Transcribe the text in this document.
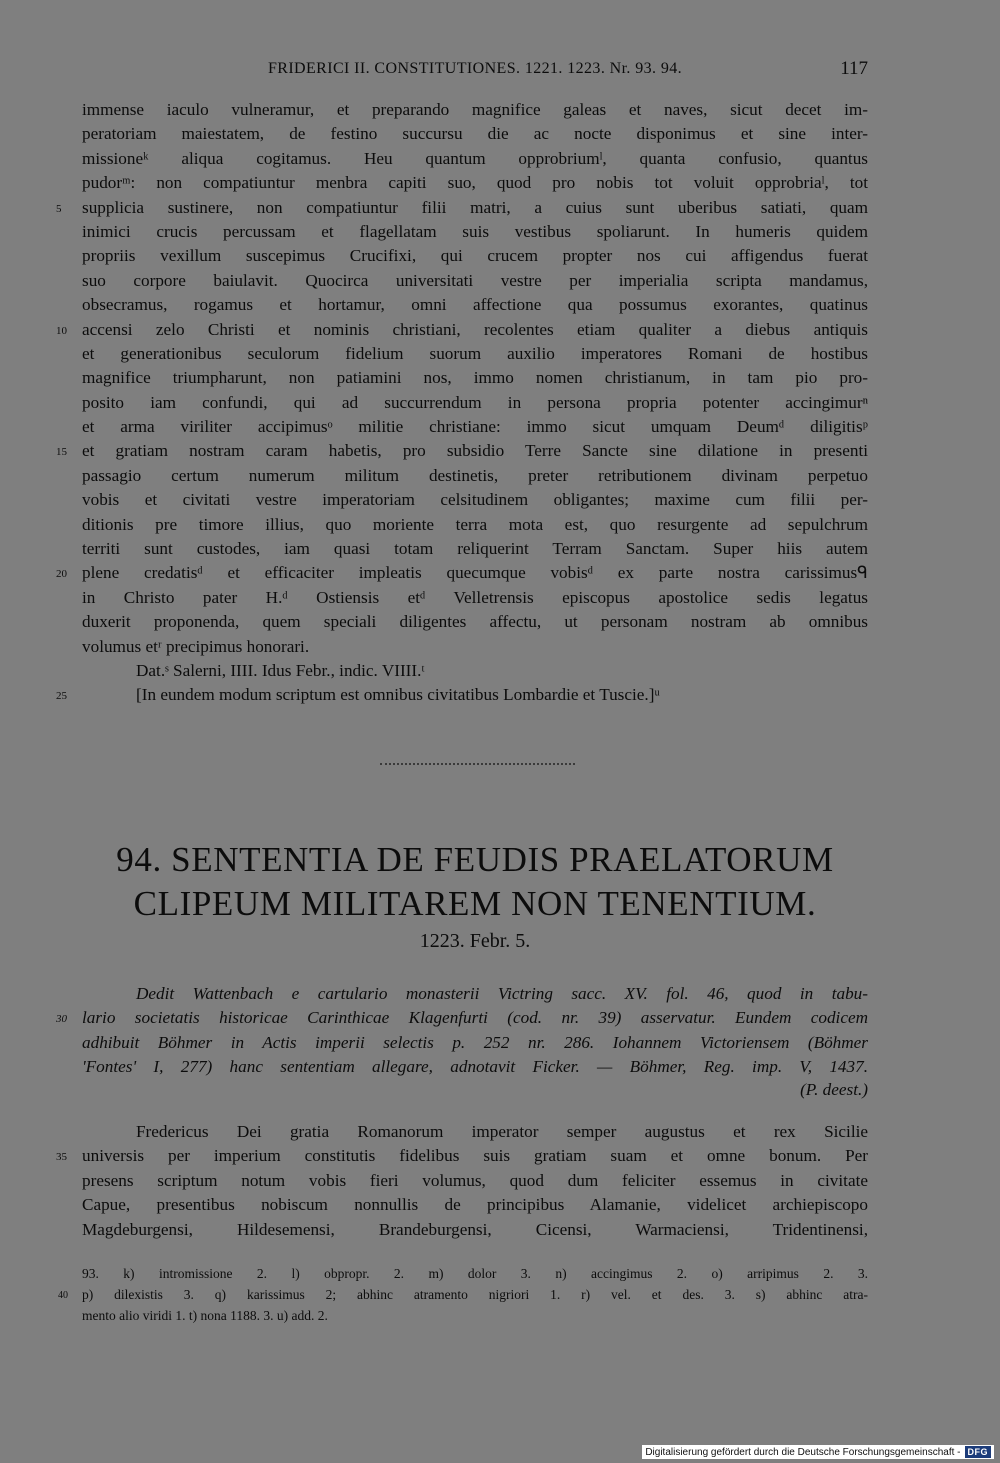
FRIDERICI II. CONSTITUTIONES. 1221. 1223. Nr. 93. 94.	117
immense iaculo vulneramur, et preparando magnifice galeas et naves, sicut decet im-
peratoriam maiestatem, de festino succursu die ac nocte disponimus et sine inter-
missioneᵏ aliqua cogitamus. Heu quantum opprobriumˡ, quanta confusio, quantus
pudorᵐ: non compatiuntur menbra capiti suo, quod pro nobis tot voluit opprobriaˡ, tot
5	supplicia sustinere, non compatiuntur filii matri, a cuius sunt uberibus satiati, quam
inimici crucis percussam et flagellatam suis vestibus spoliarunt. In humeris quidem
propriis vexillum suscepimus Crucifixi, qui crucem propter nos cui affigendus fuerat
suo corpore baiulavit. Quocirca universitati vestre per imperialia scripta mandamus,
obsecramus, rogamus et hortamur, omni affectione qua possumus exorantes, quatinus
10 accensi zelo Christi et nominis christiani, recolentes etiam qualiter a diebus antiquis
et generationibus seculorum fidelium suorum auxilio imperatores Romani de hostibus
magnifice triumpharunt, non patiamini nos, immo nomen christianum, in tam pio pro-
posito iam confundi, qui ad succurrendum in persona propria potenter accingimurⁿ
et arma viriliter accipimusᵒ militie christiane: immo sicut umquam Deumᵈ diligitisᵖ
15 et gratiam nostram caram habetis, pro subsidio Terre Sancte sine dilatione in presenti
passagio certum numerum militum destinetis, preter retributionem divinam perpetuo
vobis et civitati vestre imperatoriam celsitudinem obligantes; maxime cum filii per-
ditionis pre timore illius, quo moriente terra mota est, quo resurgente ad sepulchrum
territi sunt custodes, iam quasi totam reliquerint Terram Sanctam. Super hiis autem
20 plene credatisᵈ et efficaciter impleatis quecumque vobisᵈ ex parte nostra carissimusᑫ
in Christo pater H.ᵈ Ostiensis etᵈ Velletrensis episcopus apostolice sedis legatus
duxerit proponenda, quem speciali diligentes affectu, ut personam nostram ab omnibus
volumus etʳ precipimus honorari.
Dat.ˢ Salerni, IIII. Idus Febr., indic. VIIII.ᵗ
25	[In eundem modum scriptum est omnibus civitatibus Lombardie et Tuscie.]ᵘ
94. SENTENTIA DE FEUDIS PRAELATORUM
CLIPEUM MILITAREM NON TENENTIUM.
1223. Febr. 5.
Dedit Wattenbach e cartulario monasterii Victring sacc. XV. fol. 46, quod in tabu-
30 lario societatis historicae Carinthicae Klagenfurti (cod. nr. 39) asservatur. Eundem codicem
adhibuit Böhmer in Actis imperii selectis p. 252 nr. 286. Iohannem Victoriensem (Böhmer
'Fontes' I, 277) hanc sententiam allegare, adnotavit Ficker. — Böhmer, Reg. imp. V, 1437.
(P. deest.)
Fredericus Dei gratia Romanorum imperator semper augustus et rex Sicilie
35 universis per imperium constitutis fidelibus suis gratiam suam et omne bonum. Per
presens scriptum notum vobis fieri volumus, quod dum feliciter essemus in civitate
Capue, presentibus nobiscum nonnullis de principibus Alamanie, videlicet archiepiscopo
Magdeburgensi, Hildesemensi, Brandeburgensi, Cicensi, Warmaciensi, Tridentinensi,
93. k) intromissione 2. l) obpropr. 2. m) dolor 3. n) accingimus 2. o) arripimus 2. 3.
40	p) dilexistis 3. q) karissimus 2; abhinc atramento nigriori 1. r) vel. et des. 3. s) abhinc atra-
mento alio viridi 1. t) nona 1188. 3. u) add. 2.
Digitalisierung gefördert durch die Deutsche Forschungsgemeinschaft - DFG
